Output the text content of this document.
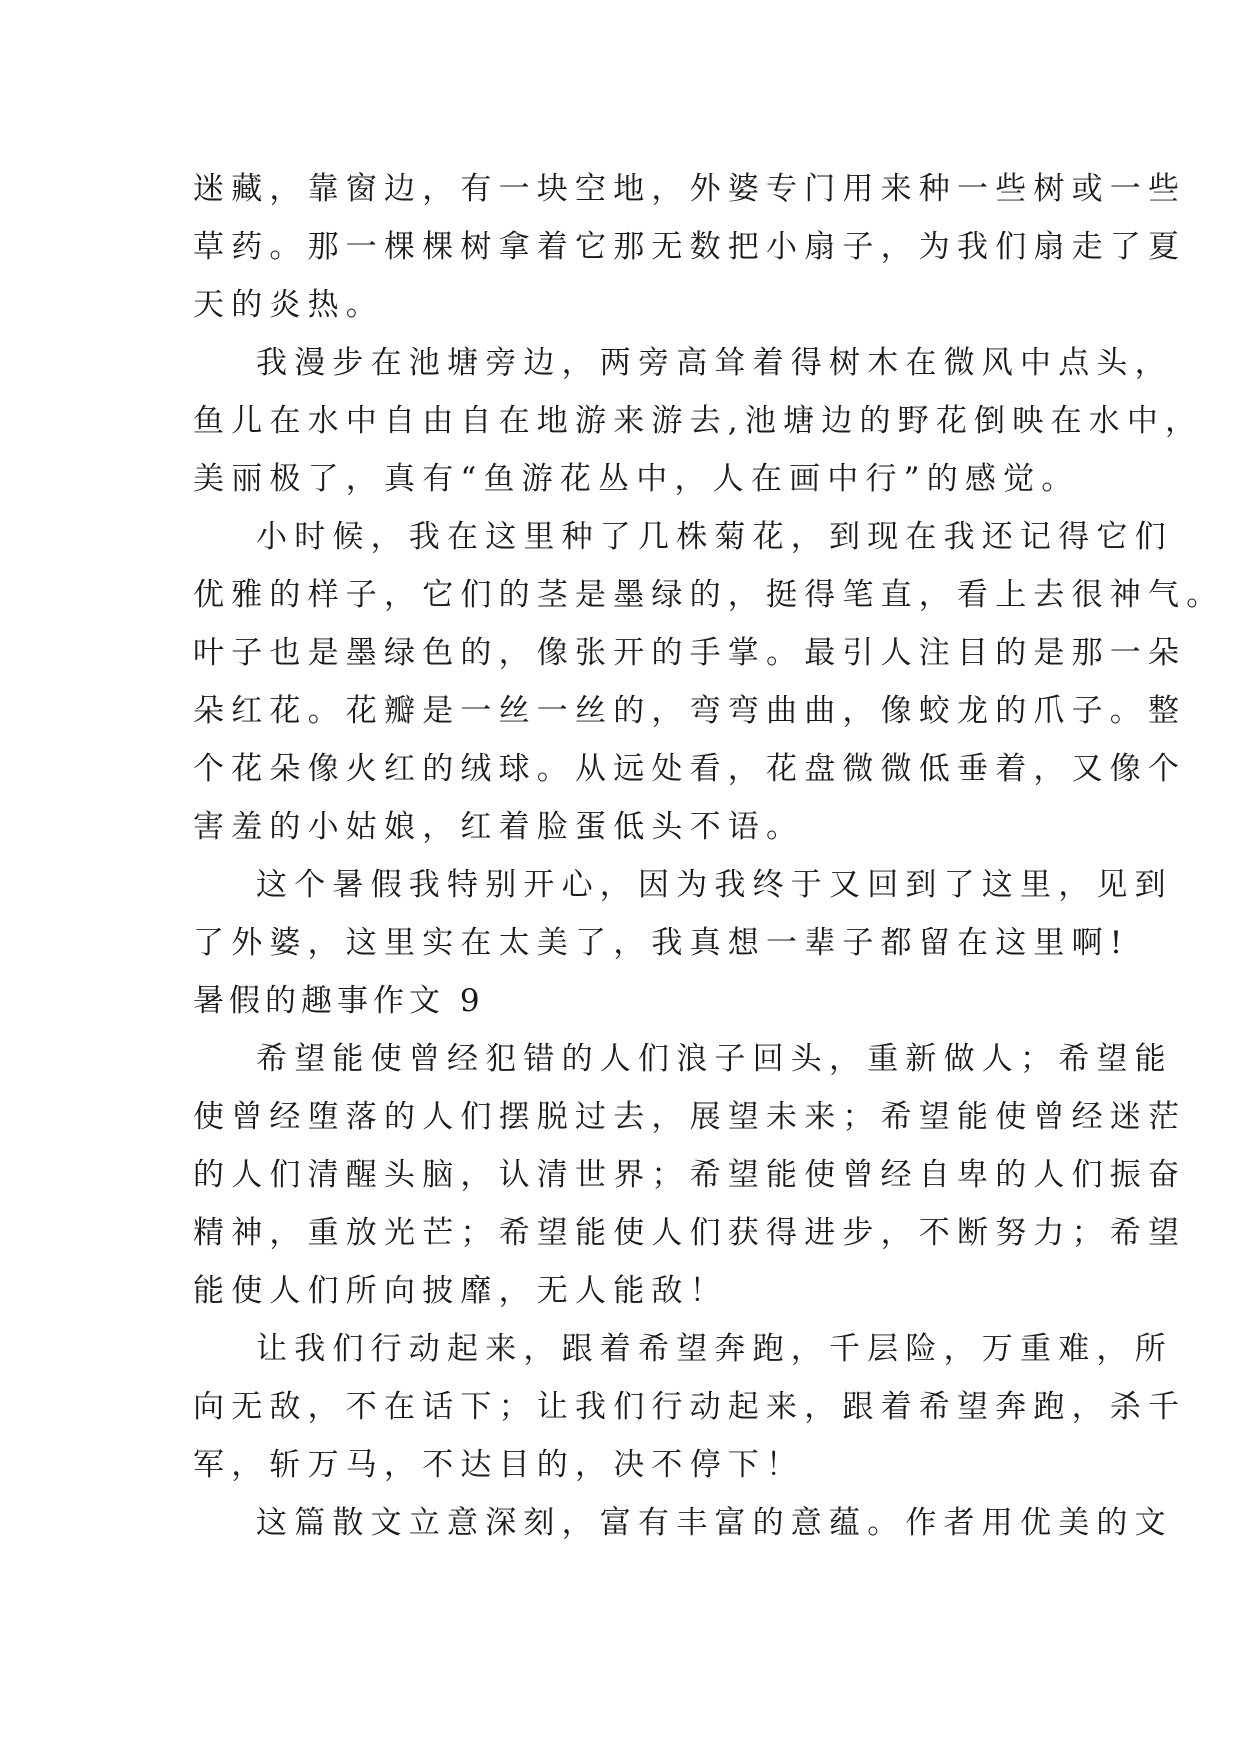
迷藏，靠窗边，有一块空地，外婆专门用来种一些树或一些
草药。那一棵棵树拿着它那无数把小扇子，为我们扇走了夏
天的炎热。
我漫步在池塘旁边，两旁高耸着得树木在微风中点头，
鱼儿在水中自由自在地游来游去,池塘边的野花倒映在水中，
美丽极了，真有“鱼游花丛中，人在画中行”的感觉。
小时候，我在这里种了几株菊花，到现在我还记得它们
优雅的样子，它们的茎是墨绿的，挺得笔直，看上去很神气。
叶子也是墨绿色的，像张开的手掌。最引人注目的是那一朵
朵红花。花瓣是一丝一丝的，弯弯曲曲，像蛟龙的爪子。整
个花朵像火红的绒球。从远处看，花盘微微低垂着，又像个
害羞的小姑娘，红着脸蛋低头不语。
这个暑假我特别开心，因为我终于又回到了这里，见到
了外婆，这里实在太美了，我真想一辈子都留在这里啊!
暑假的趣事作文 9
希望能使曾经犯错的人们浪子回头，重新做人；希望能
使曾经堕落的人们摆脱过去，展望未来；希望能使曾经迷茫
的人们清醒头脑，认清世界；希望能使曾经自卑的人们振奋
精神，重放光芒；希望能使人们获得进步，不断努力；希望
能使人们所向披靡，无人能敌！
让我们行动起来，跟着希望奔跑，千层险，万重难，所
向无敌，不在话下；让我们行动起来，跟着希望奔跑，杀千
军，斩万马，不达目的，决不停下！
这篇散文立意深刻，富有丰富的意蕴。作者用优美的文
